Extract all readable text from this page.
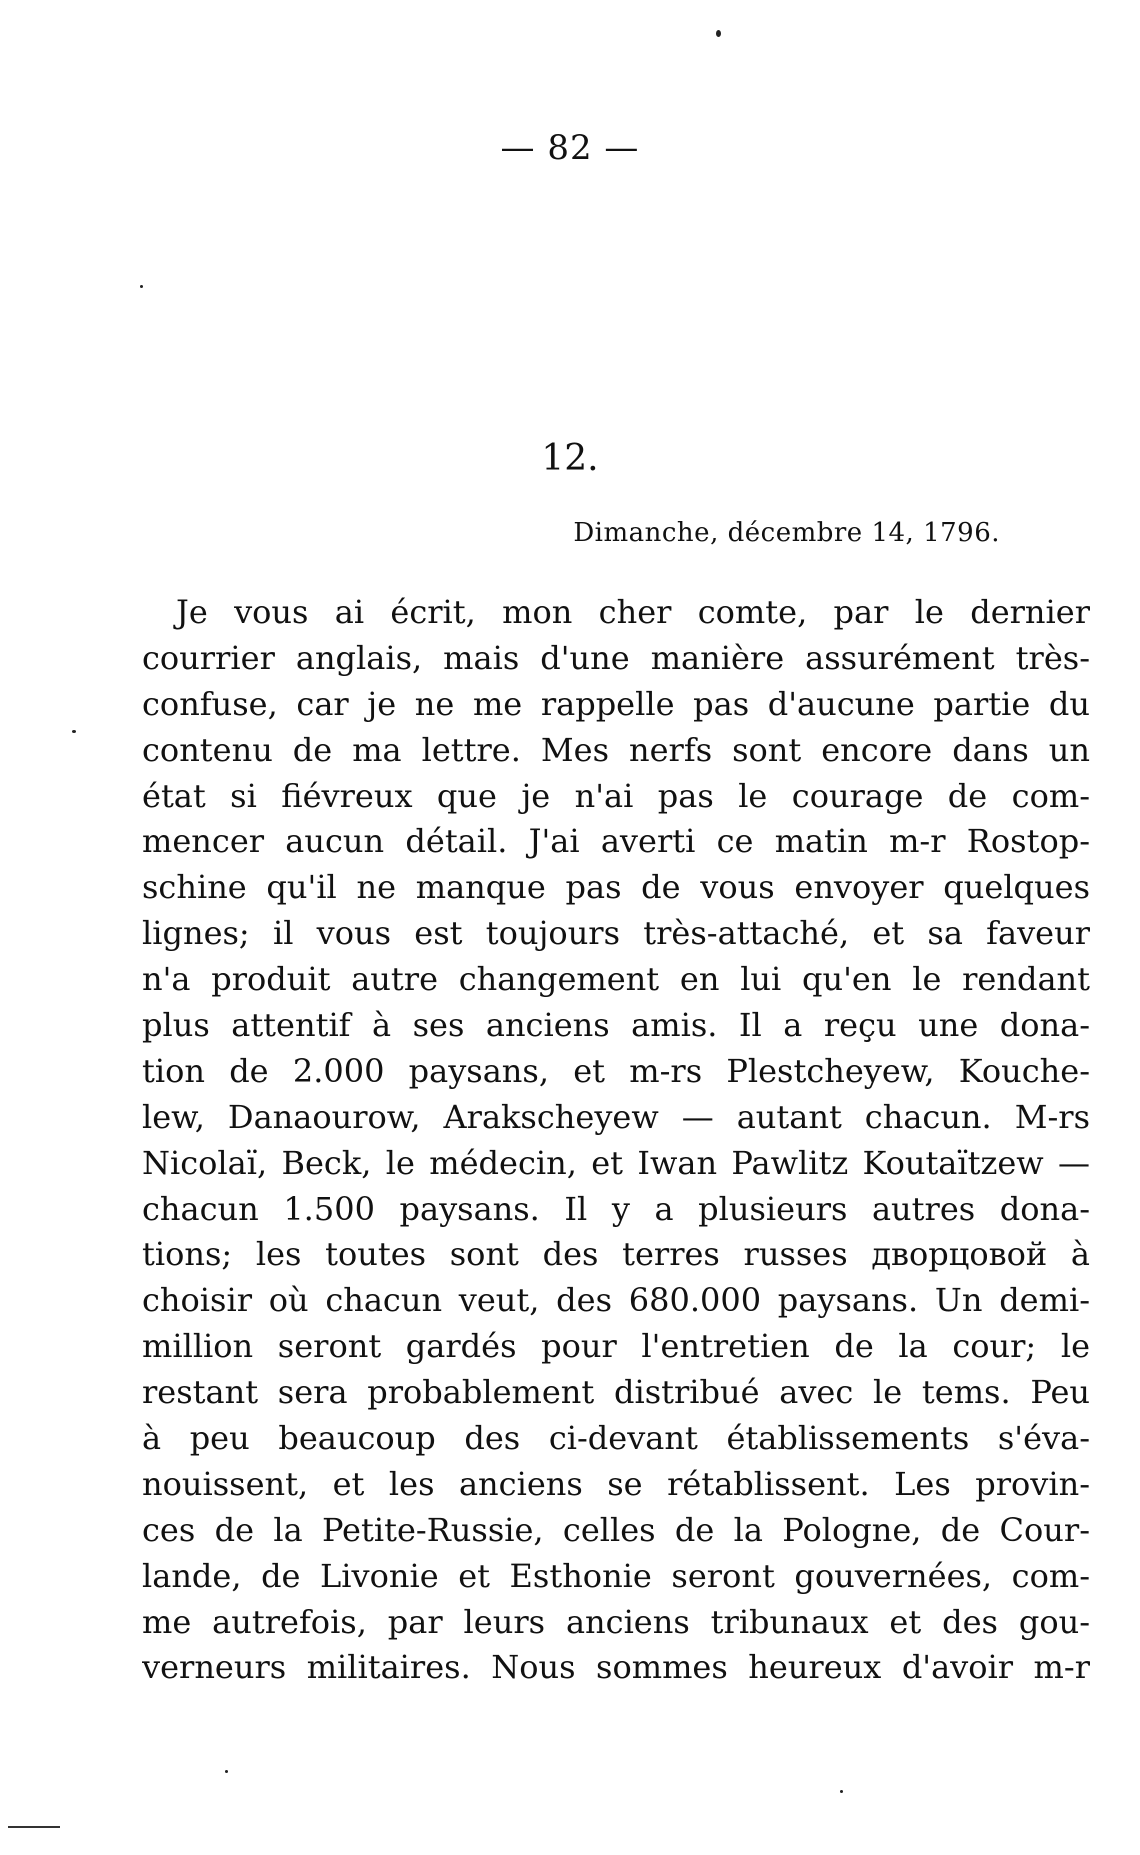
— 82 —
12.
Dimanche, décembre 14, 1796.
Je vous ai écrit, mon cher comte, par le dernier
courrier anglais, mais d'une manière assurément très-
confuse, car je ne me rappelle pas d'aucune partie du
contenu de ma lettre. Mes nerfs sont encore dans un
état si fiévreux que je n'ai pas le courage de com-
mencer aucun détail. J'ai averti ce matin m-r Rostop-
schine qu'il ne manque pas de vous envoyer quelques
lignes; il vous est toujours très-attaché, et sa faveur
n'a produit autre changement en lui qu'en le rendant
plus attentif à ses anciens amis. Il a reçu une dona-
tion de 2.000 paysans, et m-rs Plestcheyew, Kouche-
lew, Danaourow, Arakscheyew — autant chacun. M-rs
Nicolaï, Beck, le médecin, et Iwan Pawlitz Koutaïtzew —
chacun 1.500 paysans. Il y a plusieurs autres dona-
tions; les toutes sont des terres russes дворцовой à
choisir où chacun veut, des 680.000 paysans. Un demi-
million seront gardés pour l'entretien de la cour; le
restant sera probablement distribué avec le tems. Peu
à peu beaucoup des ci-devant établissements s'éva-
nouissent, et les anciens se rétablissent. Les provin-
ces de la Petite-Russie, celles de la Pologne, de Cour-
lande, de Livonie et Esthonie seront gouvernées, com-
me autrefois, par leurs anciens tribunaux et des gou-
verneurs militaires. Nous sommes heureux d'avoir m-r
